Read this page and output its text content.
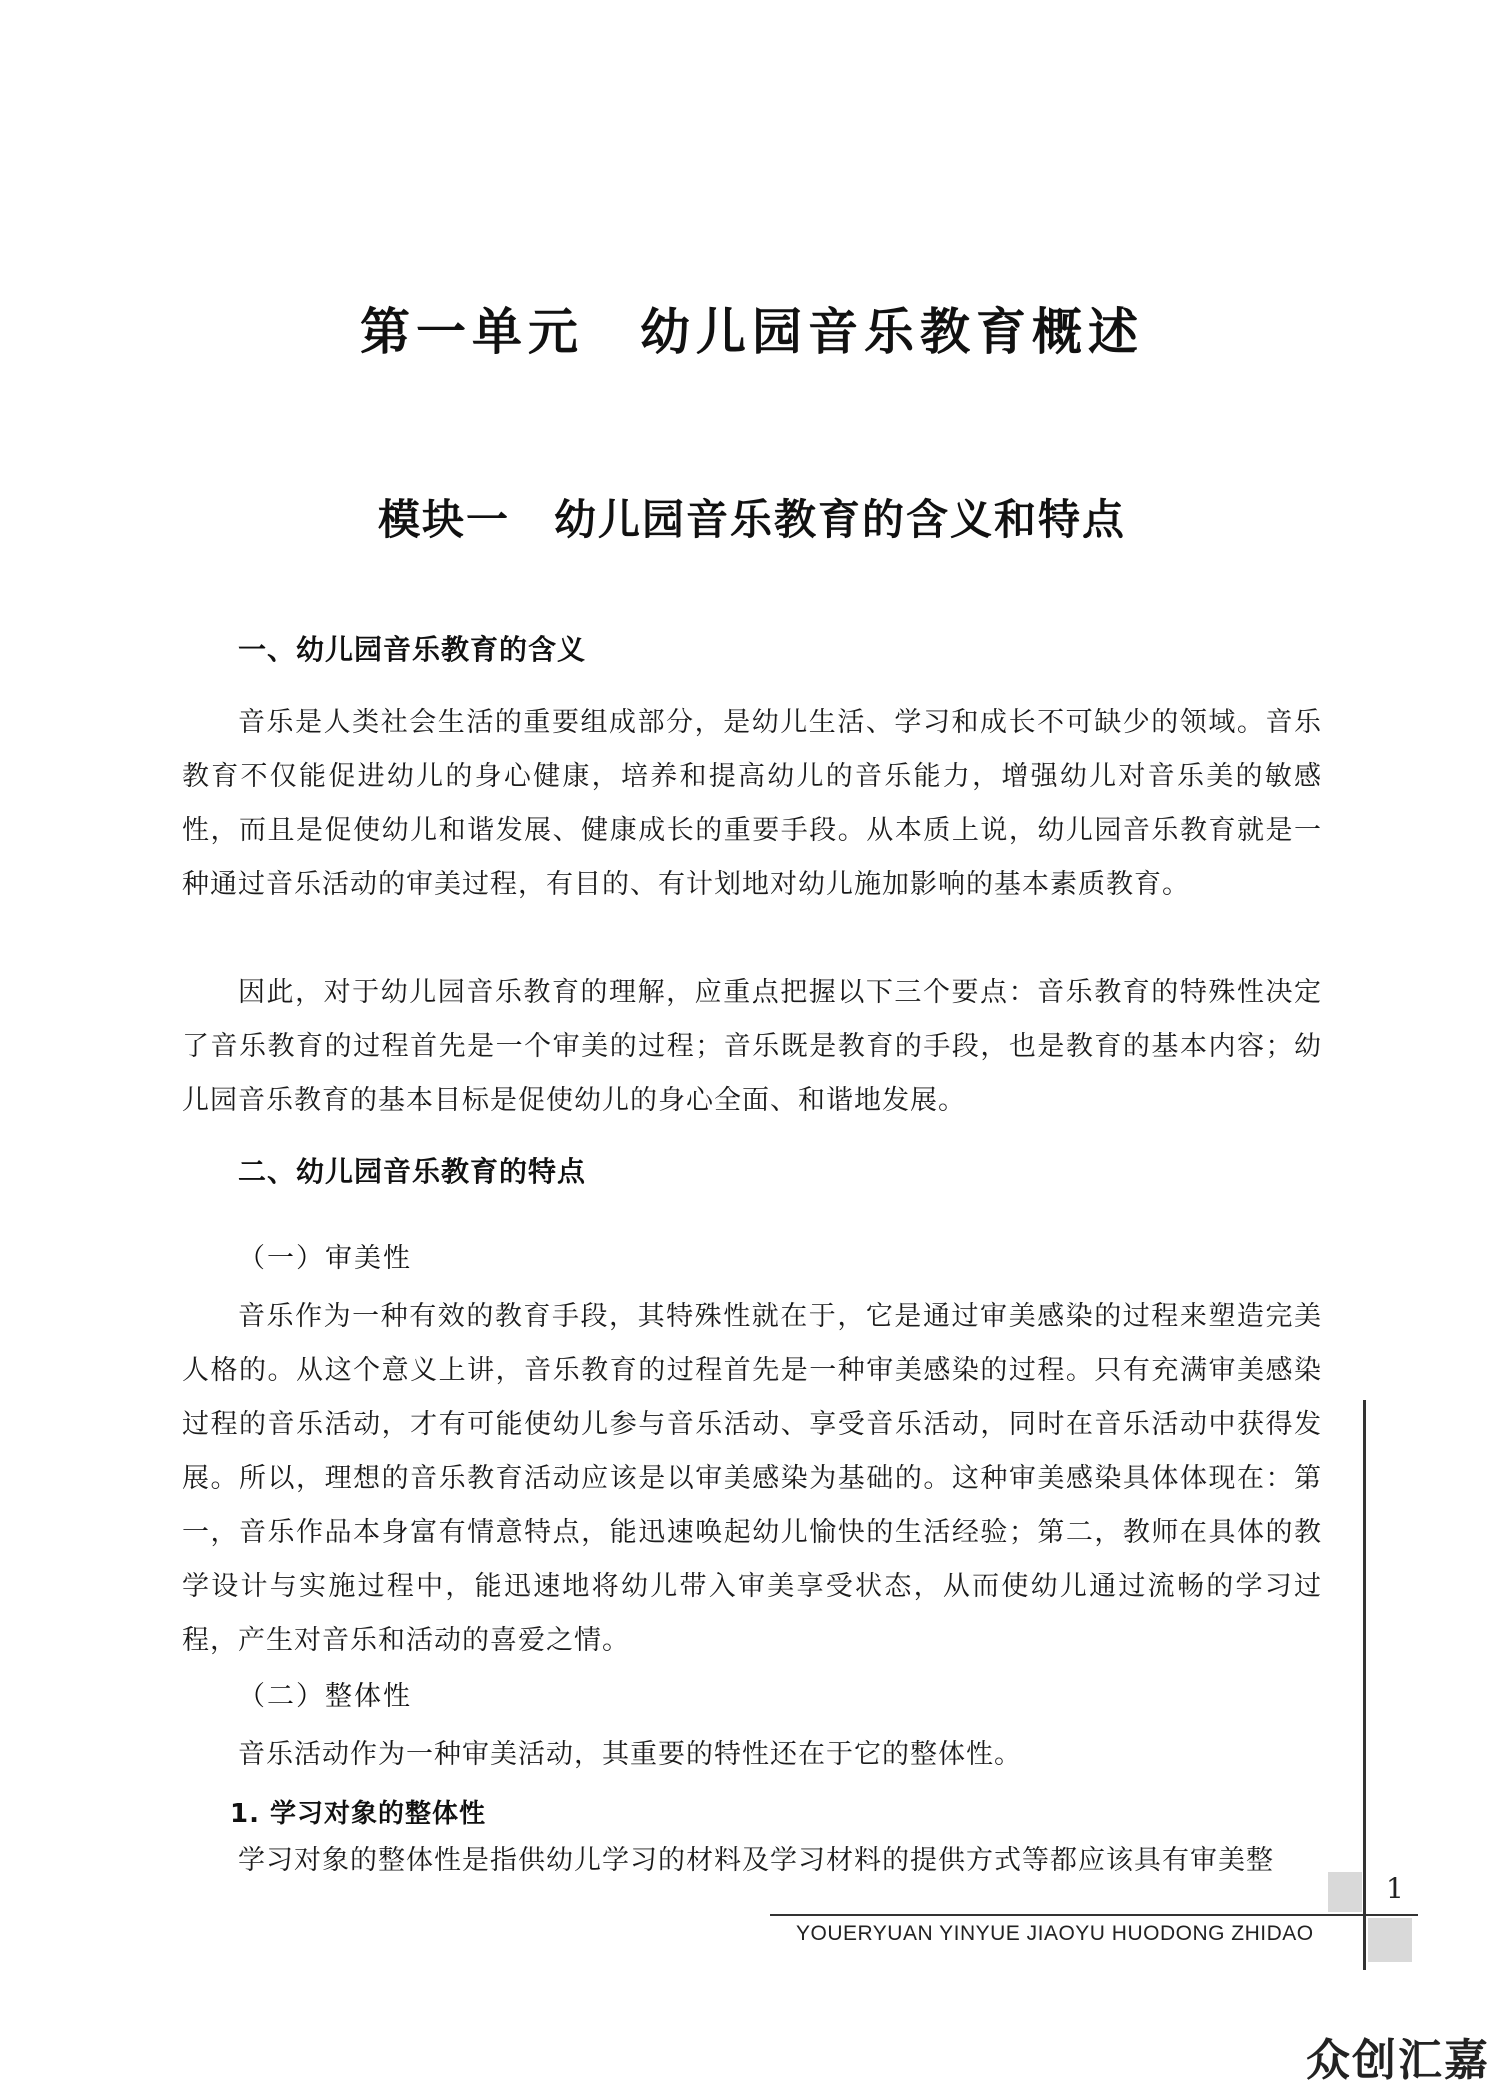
第一单元　幼儿园音乐教育概述
模块一　幼儿园音乐教育的含义和特点
一、幼儿园音乐教育的含义

音乐是人类社会生活的重要组成部分，是幼儿生活、学习和成长不可缺少的领域。音乐教育不仅能促进幼儿的身心健康，培养和提高幼儿的音乐能力，增强幼儿对音乐美的敏感性，而且是促使幼儿和谐发展、健康成长的重要手段。从本质上说，幼儿园音乐教育就是一种通过音乐活动的审美过程，有目的、有计划地对幼儿施加影响的基本素质教育。

因此，对于幼儿园音乐教育的理解，应重点把握以下三个要点：音乐教育的特殊性决定了音乐教育的过程首先是一个审美的过程；音乐既是教育的手段，也是教育的基本内容；幼儿园音乐教育的基本目标是促使幼儿的身心全面、和谐地发展。

二、幼儿园音乐教育的特点
（一）审美性

音乐作为一种有效的教育手段，其特殊性就在于，它是通过审美感染的过程来塑造完美人格的。从这个意义上讲，音乐教育的过程首先是一种审美感染的过程。只有充满审美感染过程的音乐活动，才有可能使幼儿参与音乐活动、享受音乐活动，同时在音乐活动中获得发展。所以，理想的音乐教育活动应该是以审美感染为基础的。这种审美感染具体体现在：第一，音乐作品本身富有情意特点，能迅速唤起幼儿愉快的生活经验；第二，教师在具体的教学设计与实施过程中，能迅速地将幼儿带入审美享受状态，从而使幼儿通过流畅的学习过程，产生对音乐和活动的喜爱之情。

（二）整体性

音乐活动作为一种审美活动，其重要的特性还在于它的整体性。

1. 学习对象的整体性

学习对象的整体性是指供幼儿学习的材料及学习材料的提供方式等都应该具有审美整

1
YOUERYUAN YINYUE JIAOYU HUODONG ZHIDAO
众创汇嘉
